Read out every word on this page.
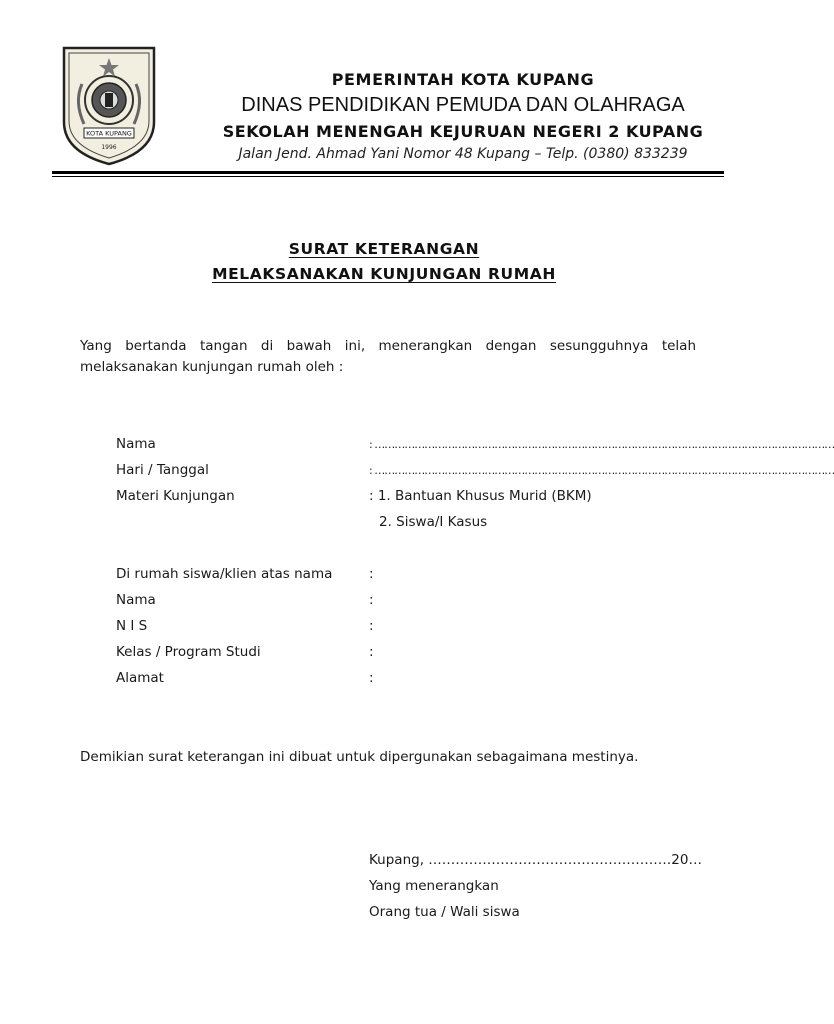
KOTA KUPANG
1996
PEMERINTAH KOTA KUPANG
DINAS PENDIDIKAN PEMUDA DAN OLAHRAGA
SEKOLAH MENENGAH KEJURUAN NEGERI 2 KUPANG
Jalan Jend. Ahmad Yani Nomor 48 Kupang – Telp. (0380) 833239
SURAT KETERANGAN
MELAKSANAKAN KUNJUNGAN RUMAH
Yang bertanda tangan di bawah ini, menerangkan dengan sesungguhnya telah
melaksanakan kunjungan rumah oleh :
Nama	: …………………………………………………………………………………………………………………………
Hari / Tanggal	: …………………………………………………………………………………………………………………………
Materi Kunjungan	: 1. Bantuan Khusus Murid (BKM)
2. Siswa/I Kasus
Di rumah siswa/klien atas nama	:
Nama	:
N I S	:
Kelas / Program Studi	:
Alamat	:
Demikian surat keterangan ini dibuat untuk dipergunakan sebagaimana mestinya.
Kupang, ………………………………………………20…
Yang menerangkan
Orang tua / Wali siswa
